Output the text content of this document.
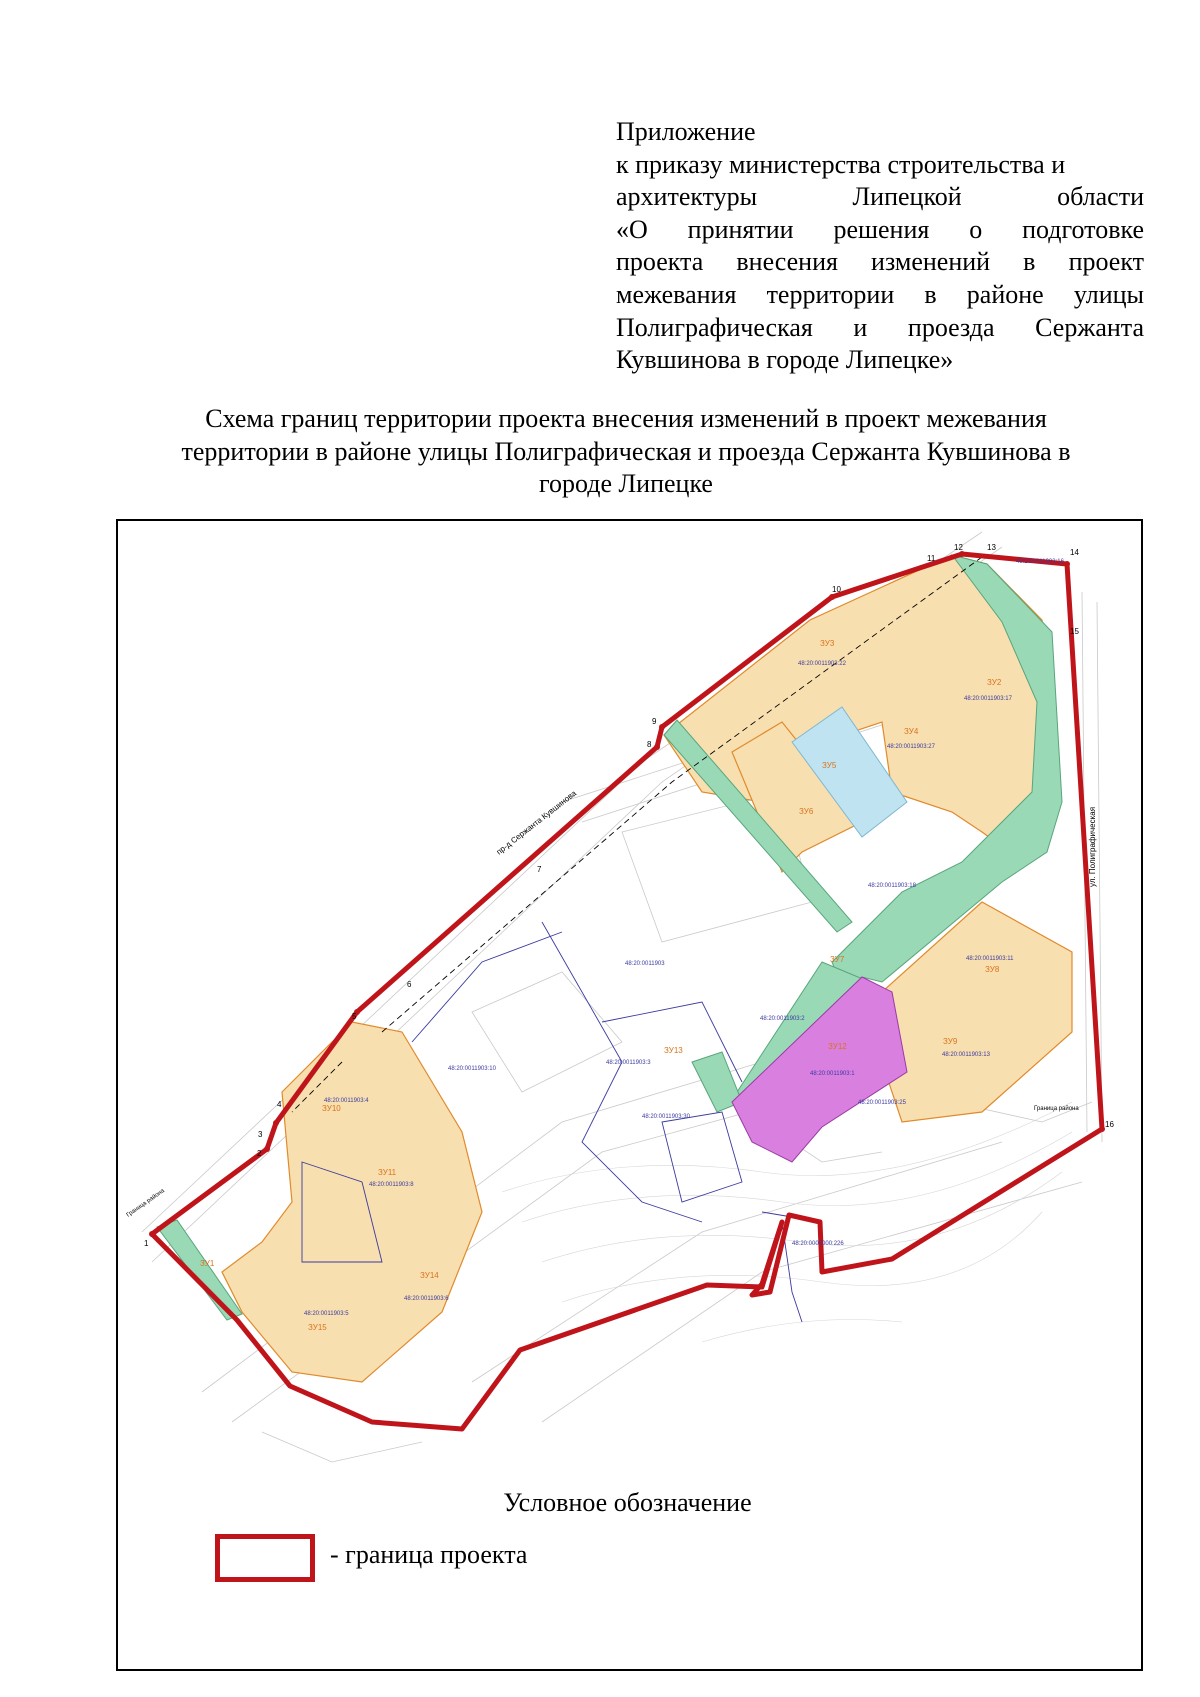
Приложение
к приказу министерства строительства и
архитектуры Липецкой области
«О принятии решения о подготовке
проекта внесения изменений в проект
межевания территории в районе улицы
Полиграфическая и проезда Сержанта
Кувшинова в городе Липецке»
Схема границ территории проекта внесения изменений в проект межевания
территории в районе улицы Полиграфическая и проезда Сержанта Кувшинова в
городе Липецке
1
2
3
4
5
6
7
8
9
10
11
12	13
14
15
16
пр-д Сержанта Кувшинова	ул. Полиграфическая
ЗУ1
ЗУ2
ЗУ3
ЗУ4
ЗУ5
ЗУ6
ЗУ7
ЗУ8
ЗУ9
ЗУ10
ЗУ11
ЗУ12
ЗУ13
ЗУ14
ЗУ15
48:20:0011903:22
48:20:0011903:17
48:20:0011903:27
48:20:0011903:16
48:20:0011903:18
48:20:0011903:13
48:20:0011903:2
48:20:0011903:1
48:20:0011903:25
48:20:0011903:3
48:20:0011903:10
48:20:0011903:4
48:20:0011903:8
48:20:0011903:6
48:20:0011903:5
48:20:0011903:30
48:20:0011903
48:20:0011903:11
48:20:0000000:226
Граница района
Граница района
Условное обозначение
- граница проекта
